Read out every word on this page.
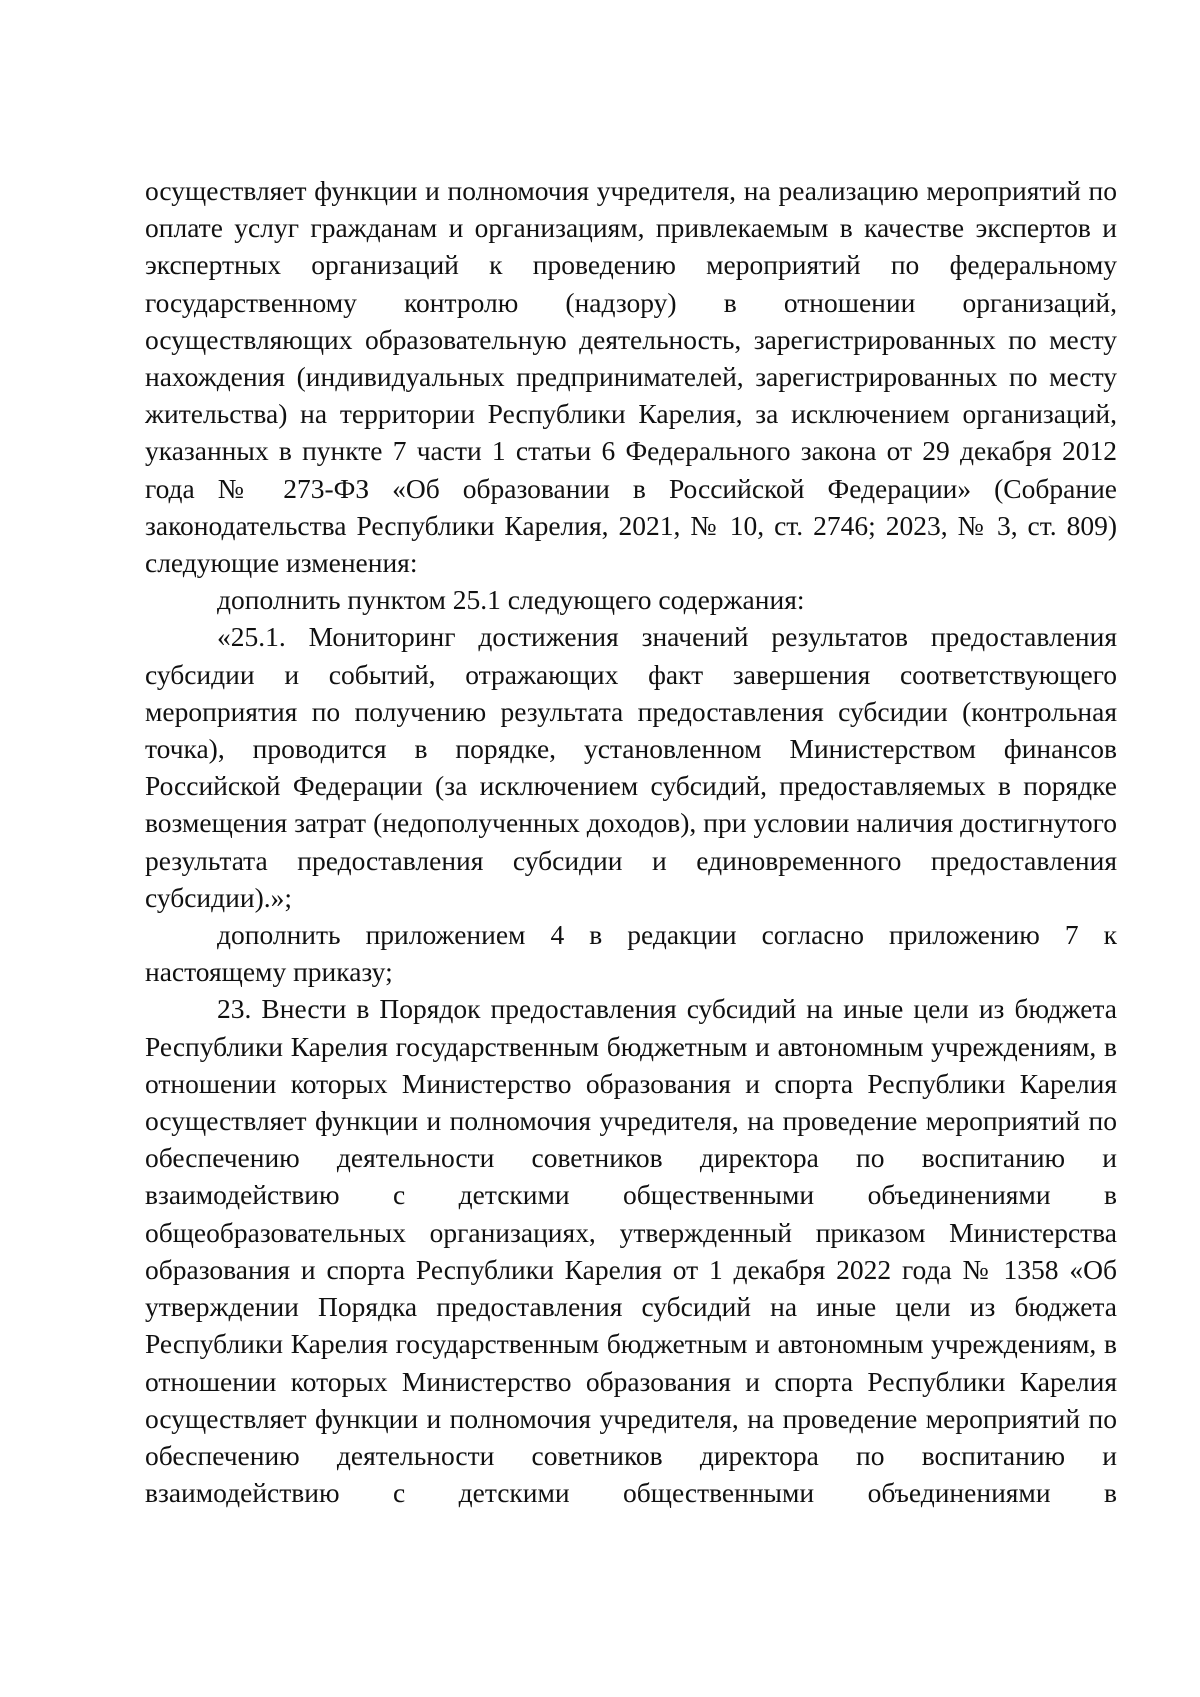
осуществляет функции и полномочия учредителя, на реализацию мероприятий по оплате услуг гражданам и организациям, привлекаемым в качестве экспертов и экспертных организаций к проведению мероприятий по федеральному государственному контролю (надзору) в отношении организаций, осуществляющих образовательную деятельность, зарегистрированных по месту нахождения (индивидуальных предпринимателей, зарегистрированных по месту жительства) на территории Республики Карелия, за исключением организаций, указанных в пункте 7 части 1 статьи 6 Федерального закона от 29 декабря 2012 года № 273-ФЗ «Об образовании в Российской Федерации» (Собрание законодательства Республики Карелия, 2021, № 10, ст. 2746; 2023, № 3, ст. 809) следующие изменения:

дополнить пунктом 25.1 следующего содержания:

«25.1. Мониторинг достижения значений результатов предоставления субсидии и событий, отражающих факт завершения соответствующего мероприятия по получению результата предоставления субсидии (контрольная точка), проводится в порядке, установленном Министерством финансов Российской Федерации (за исключением субсидий, предоставляемых в порядке возмещения затрат (недополученных доходов), при условии наличия достигнутого результата предоставления субсидии и единовременного предоставления субсидии).»;

дополнить приложением 4 в редакции согласно приложению 7 к настоящему приказу;

23. Внести в Порядок предоставления субсидий на иные цели из бюджета Республики Карелия государственным бюджетным и автономным учреждениям, в отношении которых Министерство образования и спорта Республики Карелия осуществляет функции и полномочия учредителя, на проведение мероприятий по обеспечению деятельности советников директора по воспитанию и взаимодействию с детскими общественными объединениями в общеобразовательных организациях, утвержденный приказом Министерства образования и спорта Республики Карелия от 1 декабря 2022 года № 1358 «Об утверждении Порядка предоставления субсидий на иные цели из бюджета Республики Карелия государственным бюджетным и автономным учреждениям, в отношении которых Министерство образования и спорта Республики Карелия осуществляет функции и полномочия учредителя, на проведение мероприятий по обеспечению деятельности советников директора по воспитанию и взаимодействию с детскими общественными объединениями в
